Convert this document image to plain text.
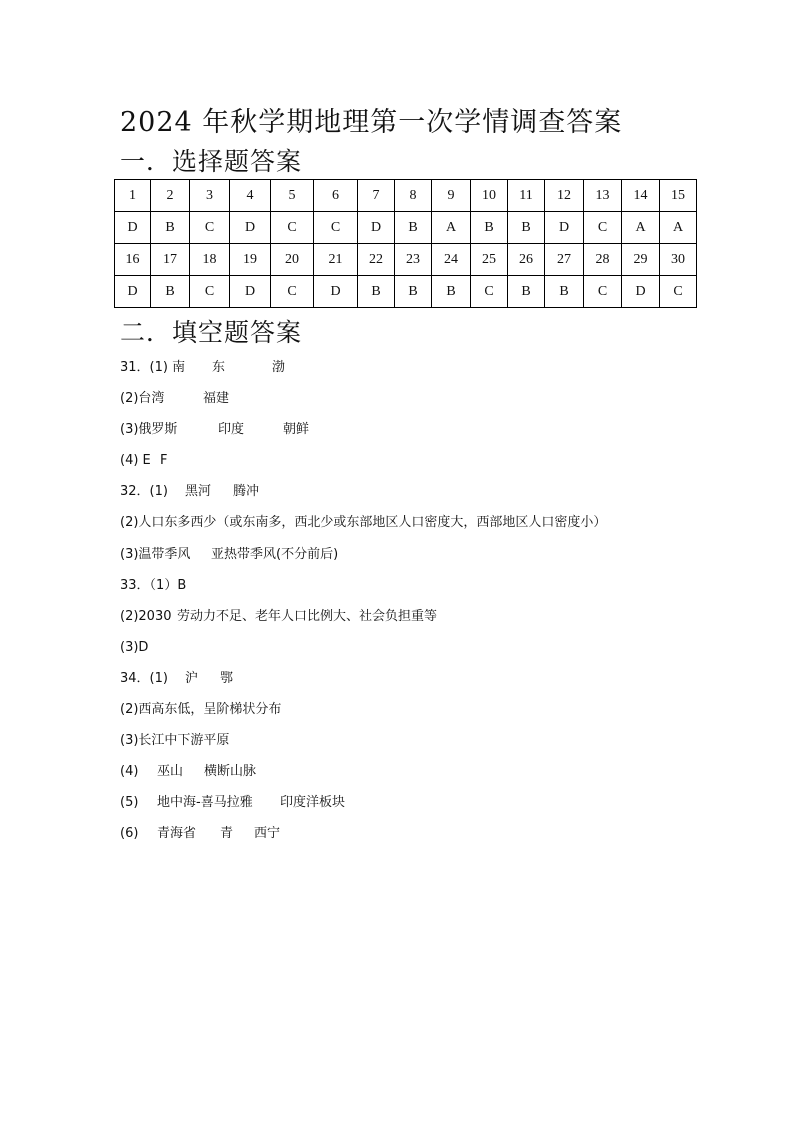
2024 年秋学期地理第一次学情调查答案
一．选择题答案
1	2	3	4	5	6	7	8	9	10	11	12	13	14	15
D	B	C	D	C	C	D	B	A	B	B	D	C	A	A
16	17	18	19	20	21	22	23	24	25	26	27	28	29	30
D	B	C	D	C	D	B	B	B	C	B	B	C	D	C
二．填空题答案
31．(1) 南 东	渤
(2)台湾	福建
(3)俄罗斯	印度	朝鲜
(4) E F
32．(1) 黑河 腾冲
(2)人口东多西少（或东南多，西北少或东部地区人口密度大，西部地区人口密度小）
(3)温带季风 亚热带季风(不分前后)
33．（1）B
(2)2030 劳动力不足、老年人口比例大、社会负担重等
(3)D
34．(1) 沪 鄂
(2)西高东低，呈阶梯状分布
(3)长江中下游平原
(4) 巫山 横断山脉
(5) 地中海-喜马拉雅 印度洋板块
(6) 青海省 青 西宁
